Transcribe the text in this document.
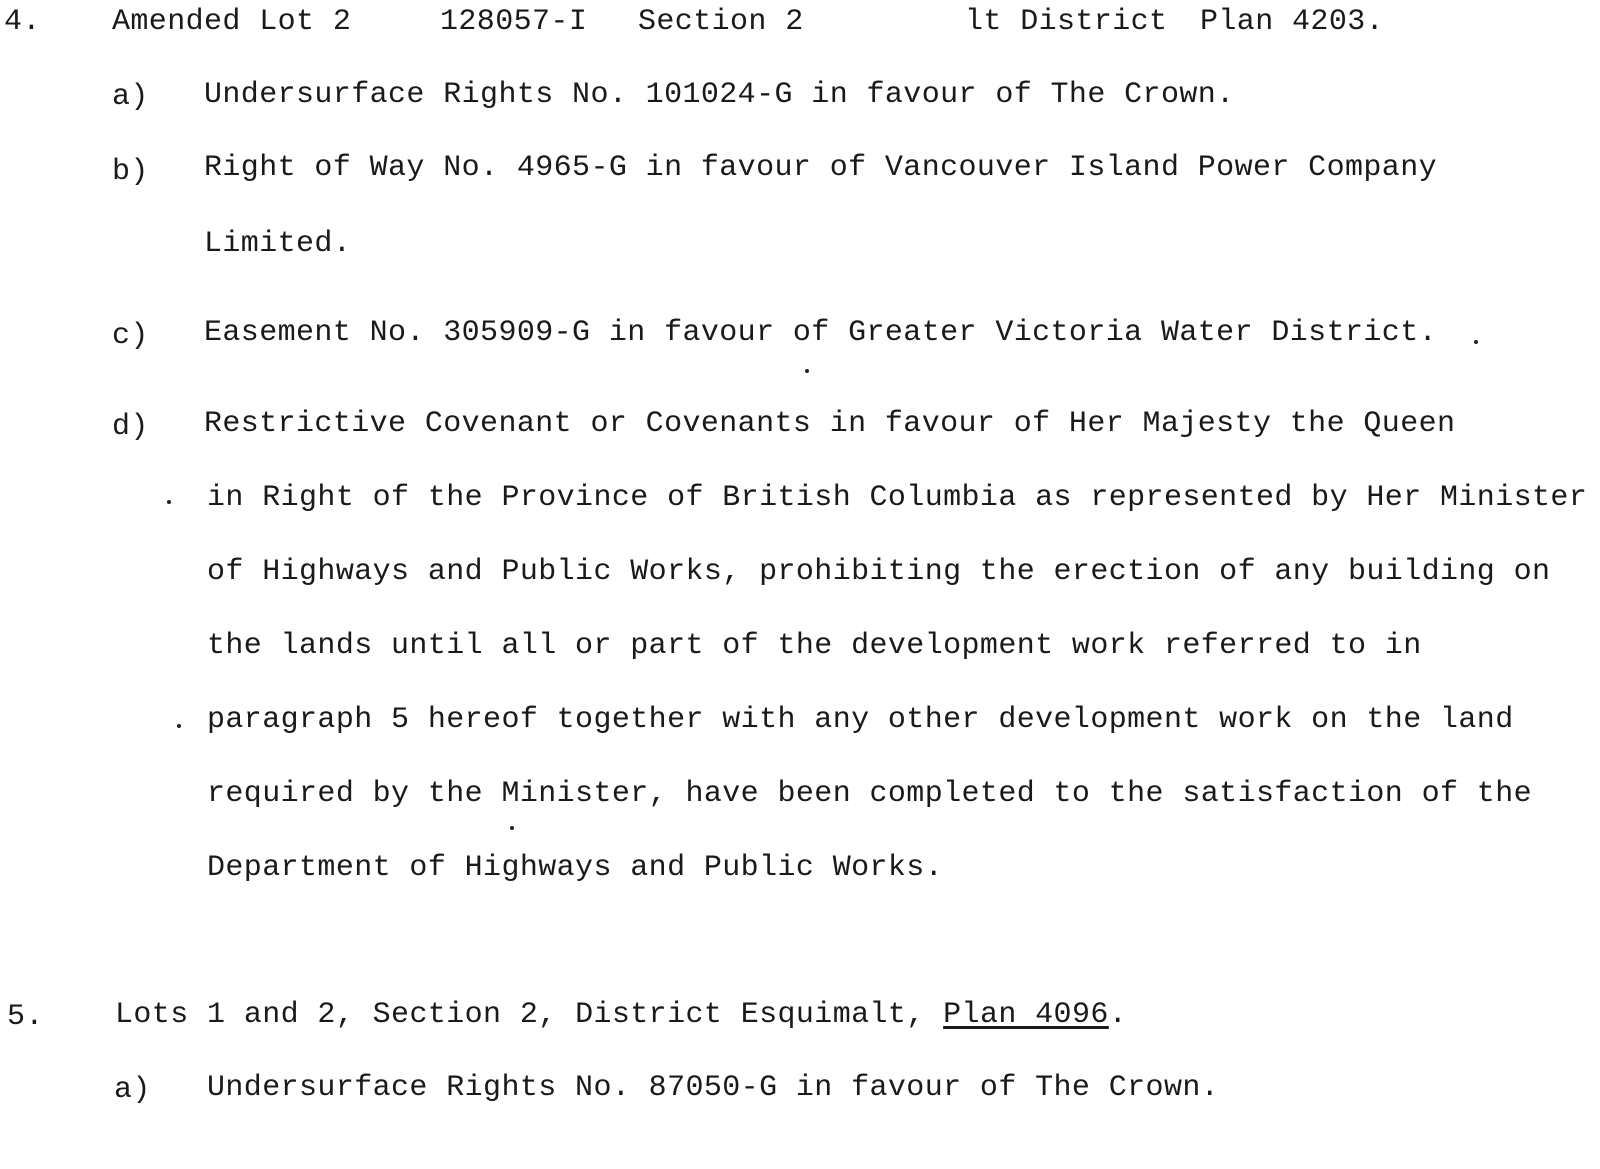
4.

Amended Lot 2

	128057-I

Section 2

	lt District

Plan 4203.

a) Undersurface Rights No. 101024-G in favour of The Crown.
b) Right of Way No. 4965-G in favour of Vancouver Island Power Company
Limited.
c) Easement No. 305909-G in favour of Greater Victoria Water District.
d) Restrictive Covenant or Covenants in favour of Her Majesty the Queen
in Right of the Province of British Columbia as represented by Her Minister
of Highways and Public Works, prohibiting the erection of any building on
the lands until all or part of the development work referred to in
paragraph 5 hereof together with any other development work on the land
required by the Minister, have been completed to the satisfaction of the
Department of Highways and Public Works.
5. Lots 1 and 2, Section 2, District Esquimalt, Plan 4096.
a) Undersurface Rights No. 87050-G in favour of The Crown.
